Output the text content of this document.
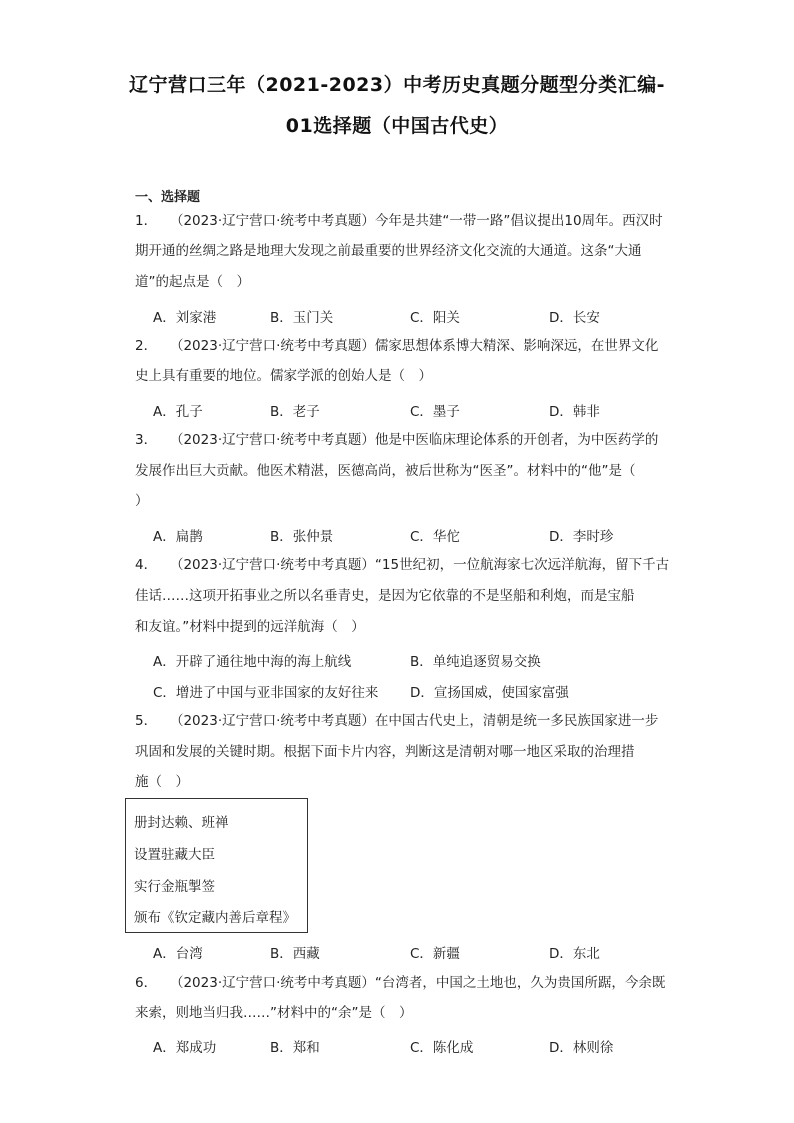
辽宁营口三年（2021-2023）中考历史真题分题型分类汇编-
01选择题（中国古代史）
一、选择题
1． （2023·辽宁营口·统考中考真题）今年是共建“一带一路”倡议提出10周年。西汉时
期开通的丝绸之路是地理大发现之前最重要的世界经济文化交流的大通道。这条“大通
道”的起点是（　）
A．刘家港	B．玉门关	C．阳关	D．长安
2． （2023·辽宁营口·统考中考真题）儒家思想体系博大精深、影响深远，在世界文化
史上具有重要的地位。儒家学派的创始人是（　）
A．孔子	B．老子	C．墨子	D．韩非
3． （2023·辽宁营口·统考中考真题）他是中医临床理论体系的开创者，为中医药学的
发展作出巨大贡献。他医术精湛，医德高尚，被后世称为“医圣”。材料中的“他”是（
）
A．扁鹊	B．张仲景	C．华佗	D．李时珍
4． （2023·辽宁营口·统考中考真题）“15世纪初，一位航海家七次远洋航海，留下千古
佳话……这项开拓事业之所以名垂青史，是因为它依靠的不是坚船和利炮，而是宝船
和友谊。”材料中提到的远洋航海（　）
A．开辟了通往地中海的海上航线	B．单纯追逐贸易交换
C．增进了中国与亚非国家的友好往来 D．宣扬国威，使国家富强
5． （2023·辽宁营口·统考中考真题）在中国古代史上，清朝是统一多民族国家进一步
巩固和发展的关键时期。根据下面卡片内容，判断这是清朝对哪一地区采取的治理措
施（　）
册封达赖、班禅
设置驻藏大臣
实行金瓶掣签
颁布《钦定藏内善后章程》
A．台湾	B．西藏	C．新疆	D．东北
6． （2023·辽宁营口·统考中考真题）“台湾者，中国之土地也，久为贵国所踞，今余既
来索，则地当归我……”材料中的“余”是（　）
A．郑成功	B．郑和	C．陈化成	D．林则徐
